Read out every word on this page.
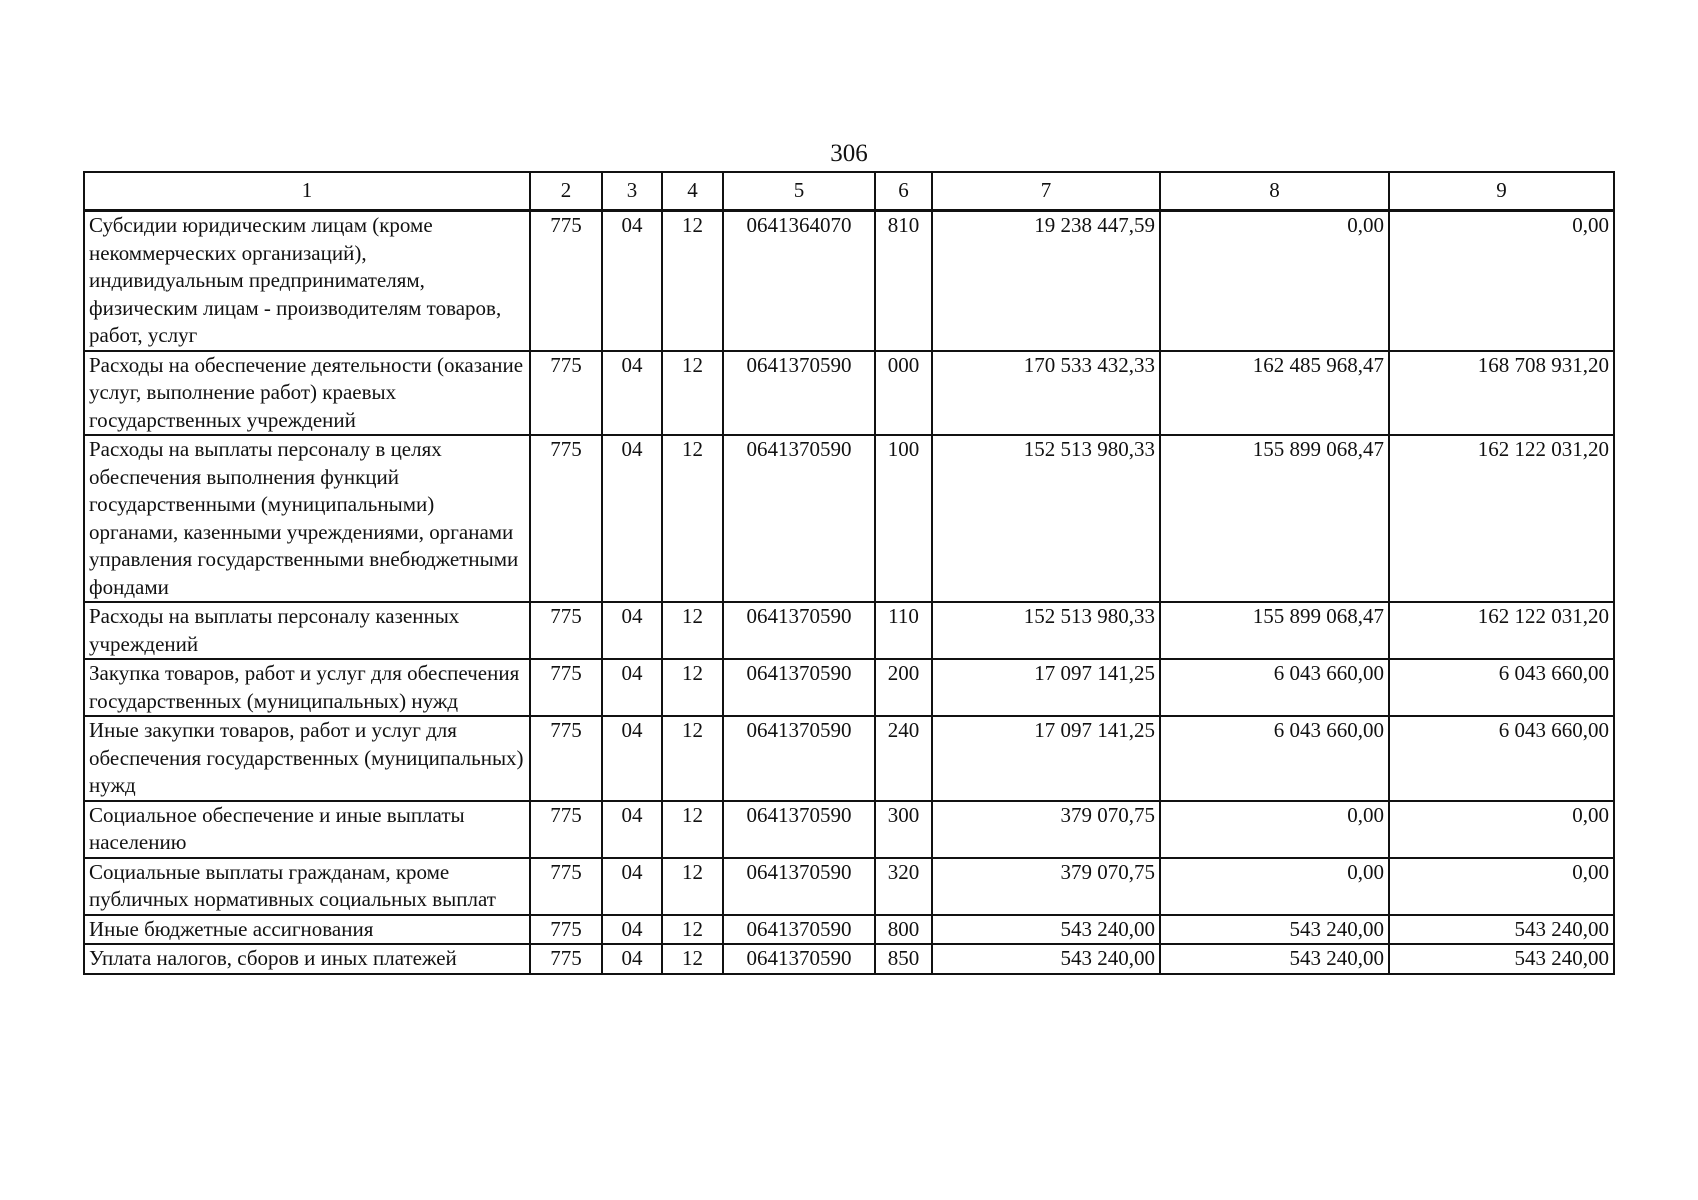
306
1	2	3	4	5	6	7	8	9
Субсидии юридическим лицам (кроме некоммерческих организаций), индивидуальным предпринимателям, физическим лицам - производителям товаров, работ, услуг	775	04	12	0641364070	810	19 238 447,59	0,00	0,00
Расходы на обеспечение деятельности (оказание услуг, выполнение работ) краевых государственных учреждений	775	04	12	0641370590	000	170 533 432,33	162 485 968,47	168 708 931,20
Расходы на выплаты персоналу в целях обеспечения выполнения функций государственными (муниципальными) органами, казенными учреждениями, органами управления государственными внебюджетными фондами	775	04	12	0641370590	100	152 513 980,33	155 899 068,47	162 122 031,20
Расходы на выплаты персоналу казенных учреждений	775	04	12	0641370590	110	152 513 980,33	155 899 068,47	162 122 031,20
Закупка товаров, работ и услуг для обеспечения государственных (муниципальных) нужд	775	04	12	0641370590	200	17 097 141,25	6 043 660,00	6 043 660,00
Иные закупки товаров, работ и услуг для обеспечения государственных (муниципальных) нужд	775	04	12	0641370590	240	17 097 141,25	6 043 660,00	6 043 660,00
Социальное обеспечение и иные выплаты населению	775	04	12	0641370590	300	379 070,75	0,00	0,00
Социальные выплаты гражданам, кроме публичных нормативных социальных выплат	775	04	12	0641370590	320	379 070,75	0,00	0,00
Иные бюджетные ассигнования	775	04	12	0641370590	800	543 240,00	543 240,00	543 240,00
Уплата налогов, сборов и иных платежей	775	04	12	0641370590	850	543 240,00	543 240,00	543 240,00
